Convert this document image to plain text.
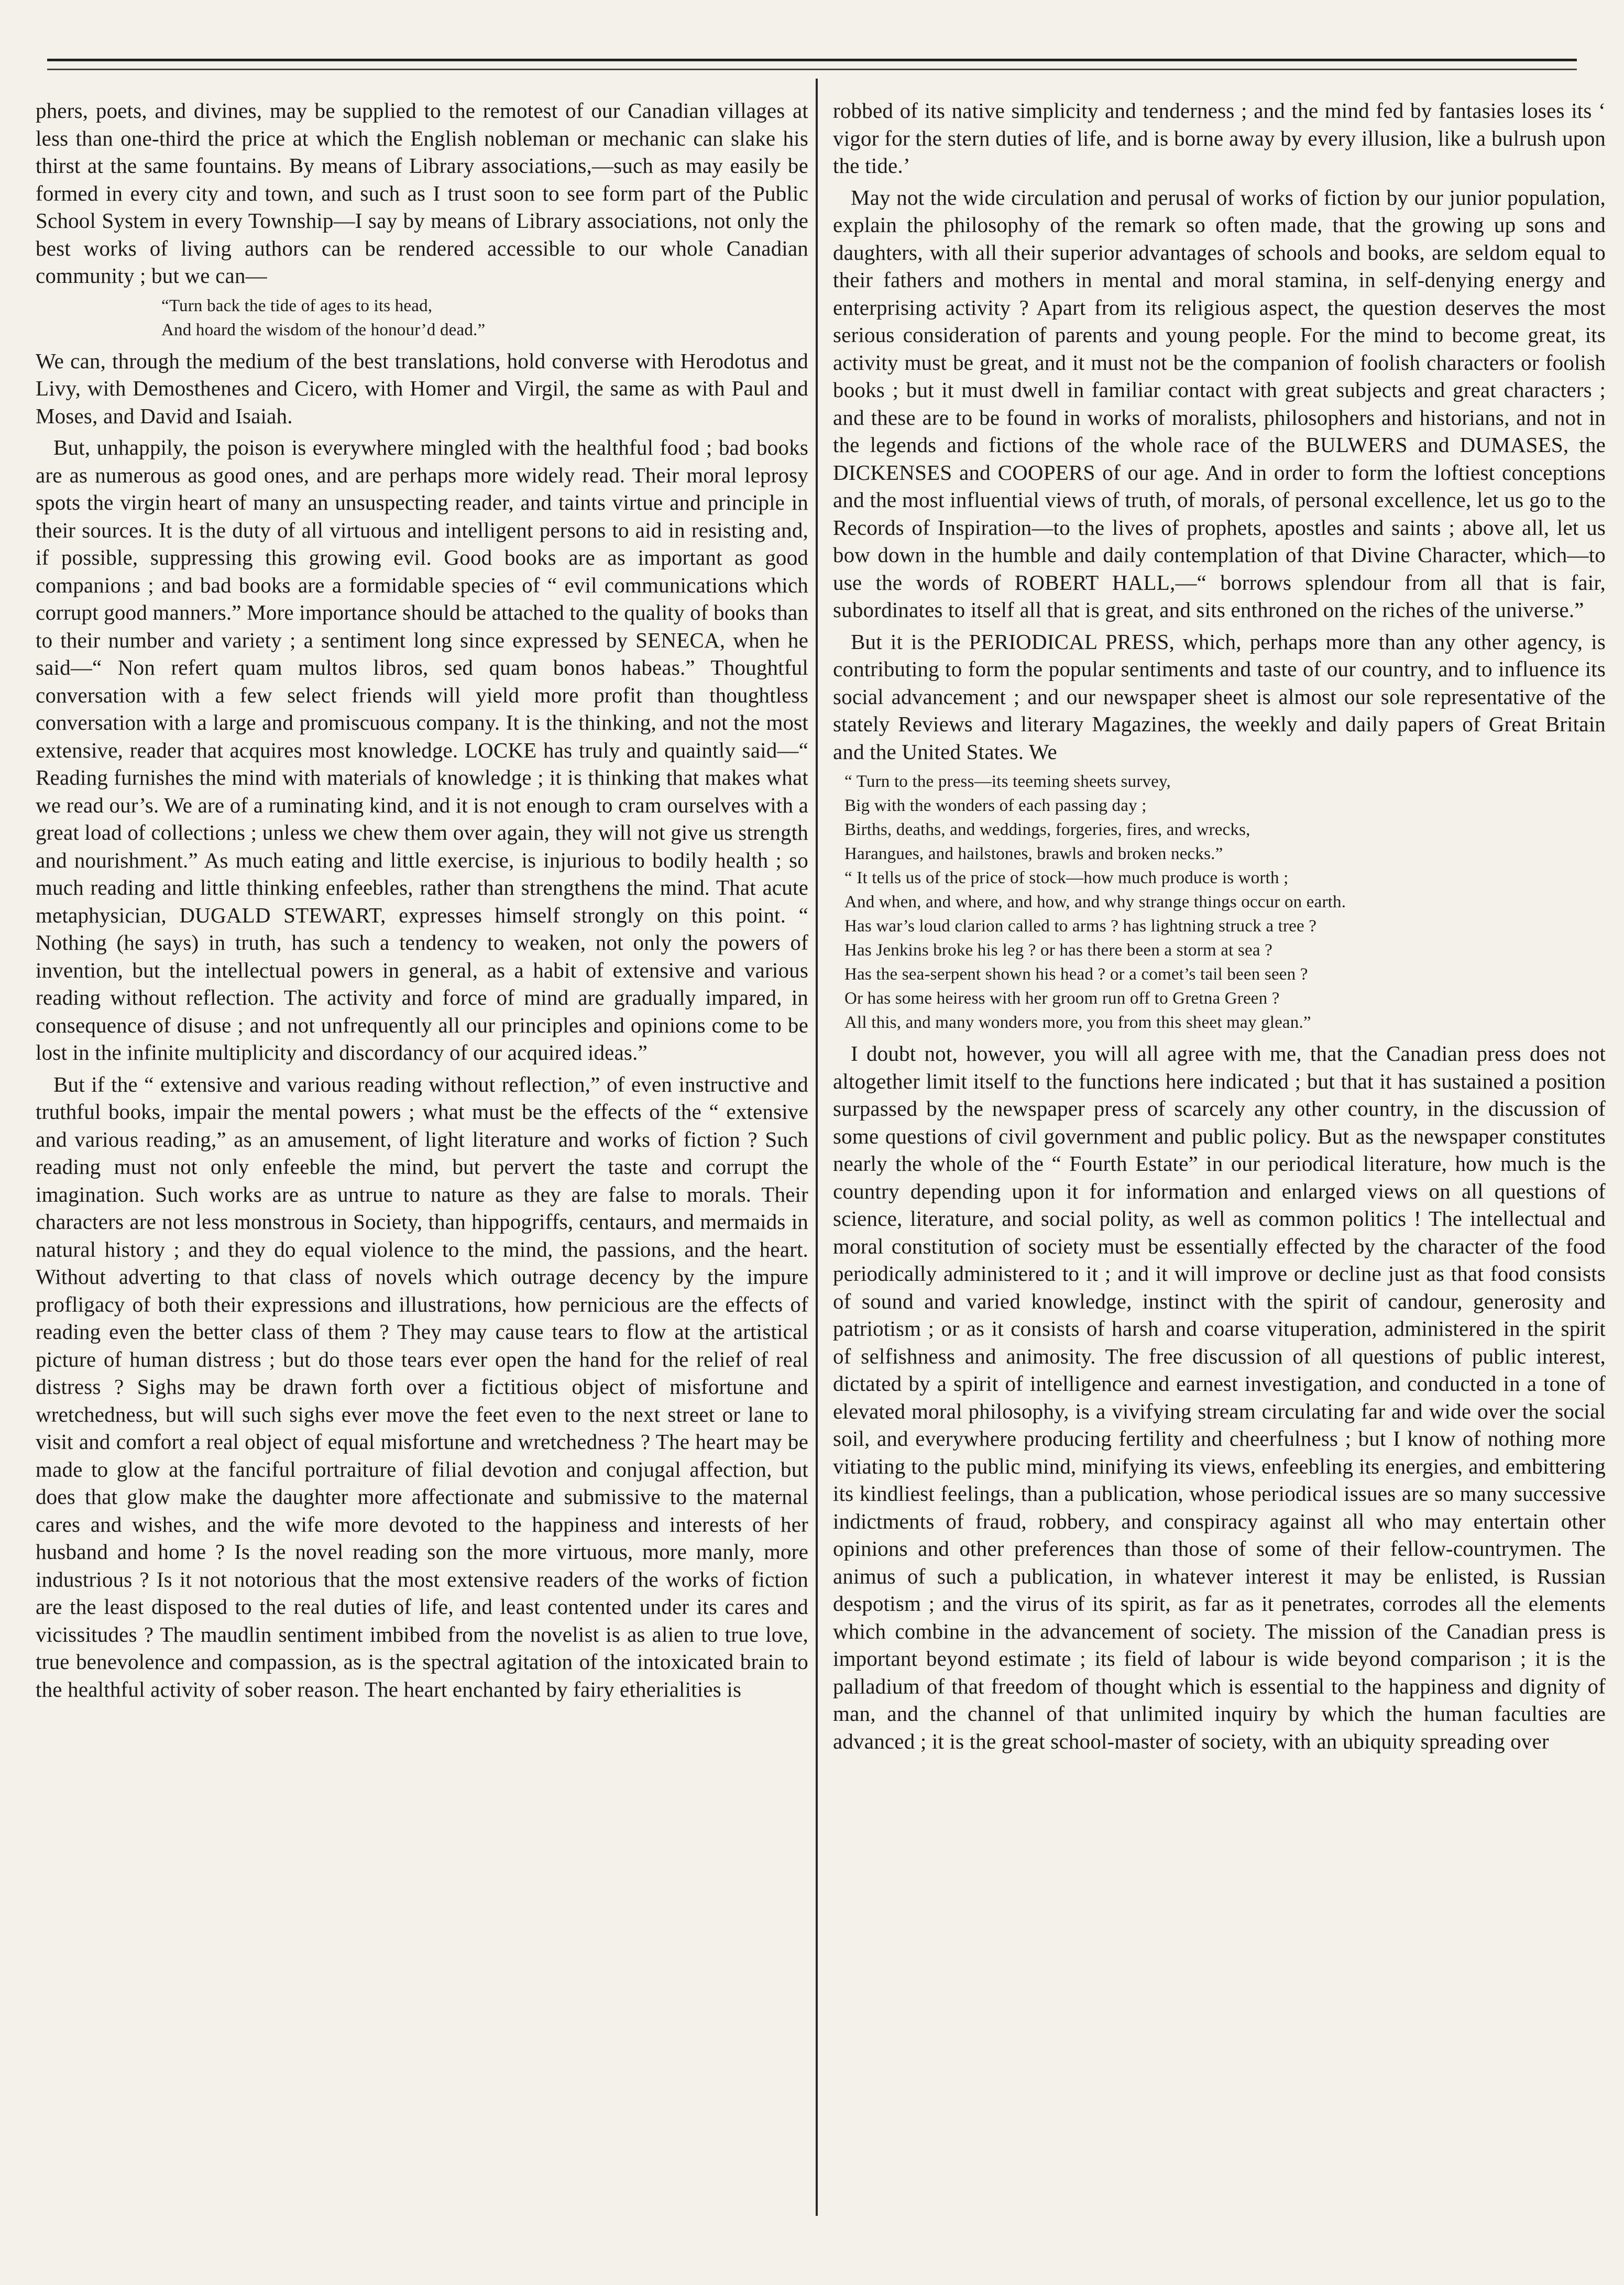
phers, poets, and divines, may be supplied to the remotest of our Canadian villages at less than one-third the price at which the English nobleman or mechanic can slake his thirst at the same fountains. By means of Library associations,—such as may easily be formed in every city and town, and such as I trust soon to see form part of the Public School System in every Township—I say by means of Library associations, not only the best works of living authors can be rendered accessible to our whole Canadian community ; but we can—

“Turn back the tide of ages to its head,
And hoard the wisdom of the honour’d dead.”

We can, through the medium of the best translations, hold converse with Herodotus and Livy, with Demosthenes and Cicero, with Homer and Virgil, the same as with Paul and Moses, and David and Isaiah.

But, unhappily, the poison is everywhere mingled with the healthful food ; bad books are as numerous as good ones, and are perhaps more widely read. Their moral leprosy spots the virgin heart of many an unsuspecting reader, and taints virtue and principle in their sources. It is the duty of all virtuous and intelligent persons to aid in resisting and, if possible, suppressing this growing evil. Good books are as important as good companions ; and bad books are a formidable species of “ evil communications which corrupt good manners.” More importance should be attached to the quality of books than to their number and variety ; a sentiment long since expressed by SENECA, when he said—“ Non refert quam multos libros, sed quam bonos habeas.” Thoughtful conversation with a few select friends will yield more profit than thoughtless conversation with a large and promiscuous company. It is the thinking, and not the most extensive, reader that acquires most knowledge. LOCKE has truly and quaintly said—“ Reading furnishes the mind with materials of knowledge ; it is thinking that makes what we read our’s. We are of a ruminating kind, and it is not enough to cram ourselves with a great load of collections ; unless we chew them over again, they will not give us strength and nourishment.” As much eating and little exercise, is injurious to bodily health ; so much reading and little thinking enfeebles, rather than strengthens the mind. That acute metaphysician, DUGALD STEWART, expresses himself strongly on this point. “ Nothing (he says) in truth, has such a tendency to weaken, not only the powers of invention, but the intellectual powers in general, as a habit of extensive and various reading without reflection. The activity and force of mind are gradually impared, in consequence of disuse ; and not unfrequently all our principles and opinions come to be lost in the infinite multiplicity and discordancy of our acquired ideas.”

But if the “ extensive and various reading without reflection,” of even instructive and truthful books, impair the mental powers ; what must be the effects of the “ extensive and various reading,” as an amusement, of light literature and works of fiction ? Such reading must not only enfeeble the mind, but pervert the taste and corrupt the imagination. Such works are as untrue to nature as they are false to morals. Their characters are not less monstrous in Society, than hippogriffs, centaurs, and mermaids in natural history ; and they do equal violence to the mind, the passions, and the heart. Without adverting to that class of novels which outrage decency by the impure profligacy of both their expressions and illustrations, how pernicious are the effects of reading even the better class of them ? They may cause tears to flow at the artistical picture of human distress ; but do those tears ever open the hand for the relief of real distress ? Sighs may be drawn forth over a fictitious object of misfortune and wretchedness, but will such sighs ever move the feet even to the next street or lane to visit and comfort a real object of equal misfortune and wretchedness ? The heart may be made to glow at the fanciful portraiture of filial devotion and conjugal affection, but does that glow make the daughter more affectionate and submissive to the maternal cares and wishes, and the wife more devoted to the happiness and interests of her husband and home ? Is the novel reading son the more virtuous, more manly, more industrious ? Is it not notorious that the most extensive readers of the works of fiction are the least disposed to the real duties of life, and least contented under its cares and vicissitudes ? The maudlin sentiment imbibed from the novelist is as alien to true love, true benevolence and compassion, as is the spectral agitation of the intoxicated brain to the healthful activity of sober reason. The heart enchanted by fairy etherialities is

robbed of its native simplicity and tenderness ; and the mind fed by fantasies loses its ‘ vigor for the stern duties of life, and is borne away by every illusion, like a bulrush upon the tide.’

May not the wide circulation and perusal of works of fiction by our junior population, explain the philosophy of the remark so often made, that the growing up sons and daughters, with all their superior advantages of schools and books, are seldom equal to their fathers and mothers in mental and moral stamina, in self-denying energy and enterprising activity ? Apart from its religious aspect, the question deserves the most serious consideration of parents and young people. For the mind to become great, its activity must be great, and it must not be the companion of foolish characters or foolish books ; but it must dwell in familiar contact with great subjects and great characters ; and these are to be found in works of moralists, philosophers and historians, and not in the legends and fictions of the whole race of the BULWERS and DUMASES, the DICKENSES and COOPERS of our age. And in order to form the loftiest conceptions and the most influential views of truth, of morals, of personal excellence, let us go to the Records of Inspiration—to the lives of prophets, apostles and saints ; above all, let us bow down in the humble and daily contemplation of that Divine Character, which—to use the words of ROBERT HALL,—“ borrows splendour from all that is fair, subordinates to itself all that is great, and sits enthroned on the riches of the universe.”

But it is the PERIODICAL PRESS, which, perhaps more than any other agency, is contributing to form the popular sentiments and taste of our country, and to influence its social advancement ; and our newspaper sheet is almost our sole representative of the stately Reviews and literary Magazines, the weekly and daily papers of Great Britain and the United States. We

“ Turn to the press—its teeming sheets survey,
Big with the wonders of each passing day ;
Births, deaths, and weddings, forgeries, fires, and wrecks,
Harangues, and hailstones, brawls and broken necks.”
“ It tells us of the price of stock—how much produce is worth ;
And when, and where, and how, and why strange things occur on earth.
Has war’s loud clarion called to arms ? has lightning struck a tree ?
Has Jenkins broke his leg ? or has there been a storm at sea ?
Has the sea-serpent shown his head ? or a comet’s tail been seen ?
Or has some heiress with her groom run off to Gretna Green ?
All this, and many wonders more, you from this sheet may glean.”

I doubt not, however, you will all agree with me, that the Canadian press does not altogether limit itself to the functions here indicated ; but that it has sustained a position surpassed by the newspaper press of scarcely any other country, in the discussion of some questions of civil government and public policy. But as the newspaper constitutes nearly the whole of the “ Fourth Estate” in our periodical literature, how much is the country depending upon it for information and enlarged views on all questions of science, literature, and social polity, as well as common politics ! The intellectual and moral constitution of society must be essentially effected by the character of the food periodically administered to it ; and it will improve or decline just as that food consists of sound and varied knowledge, instinct with the spirit of candour, generosity and patriotism ; or as it consists of harsh and coarse vituperation, administered in the spirit of selfishness and animosity. The free discussion of all questions of public interest, dictated by a spirit of intelligence and earnest investigation, and conducted in a tone of elevated moral philosophy, is a vivifying stream circulating far and wide over the social soil, and everywhere producing fertility and cheerfulness ; but I know of nothing more vitiating to the public mind, minifying its views, enfeebling its energies, and embittering its kindliest feelings, than a publication, whose periodical issues are so many successive indictments of fraud, robbery, and conspiracy against all who may entertain other opinions and other preferences than those of some of their fellow-countrymen. The animus of such a publication, in whatever interest it may be enlisted, is Russian despotism ; and the virus of its spirit, as far as it penetrates, corrodes all the elements which combine in the advancement of society. The mission of the Canadian press is important beyond estimate ; its field of labour is wide beyond comparison ; it is the palladium of that freedom of thought which is essential to the happiness and dignity of man, and the channel of that unlimited inquiry by which the human faculties are advanced ; it is the great school-master of society, with an ubiquity spreading over
